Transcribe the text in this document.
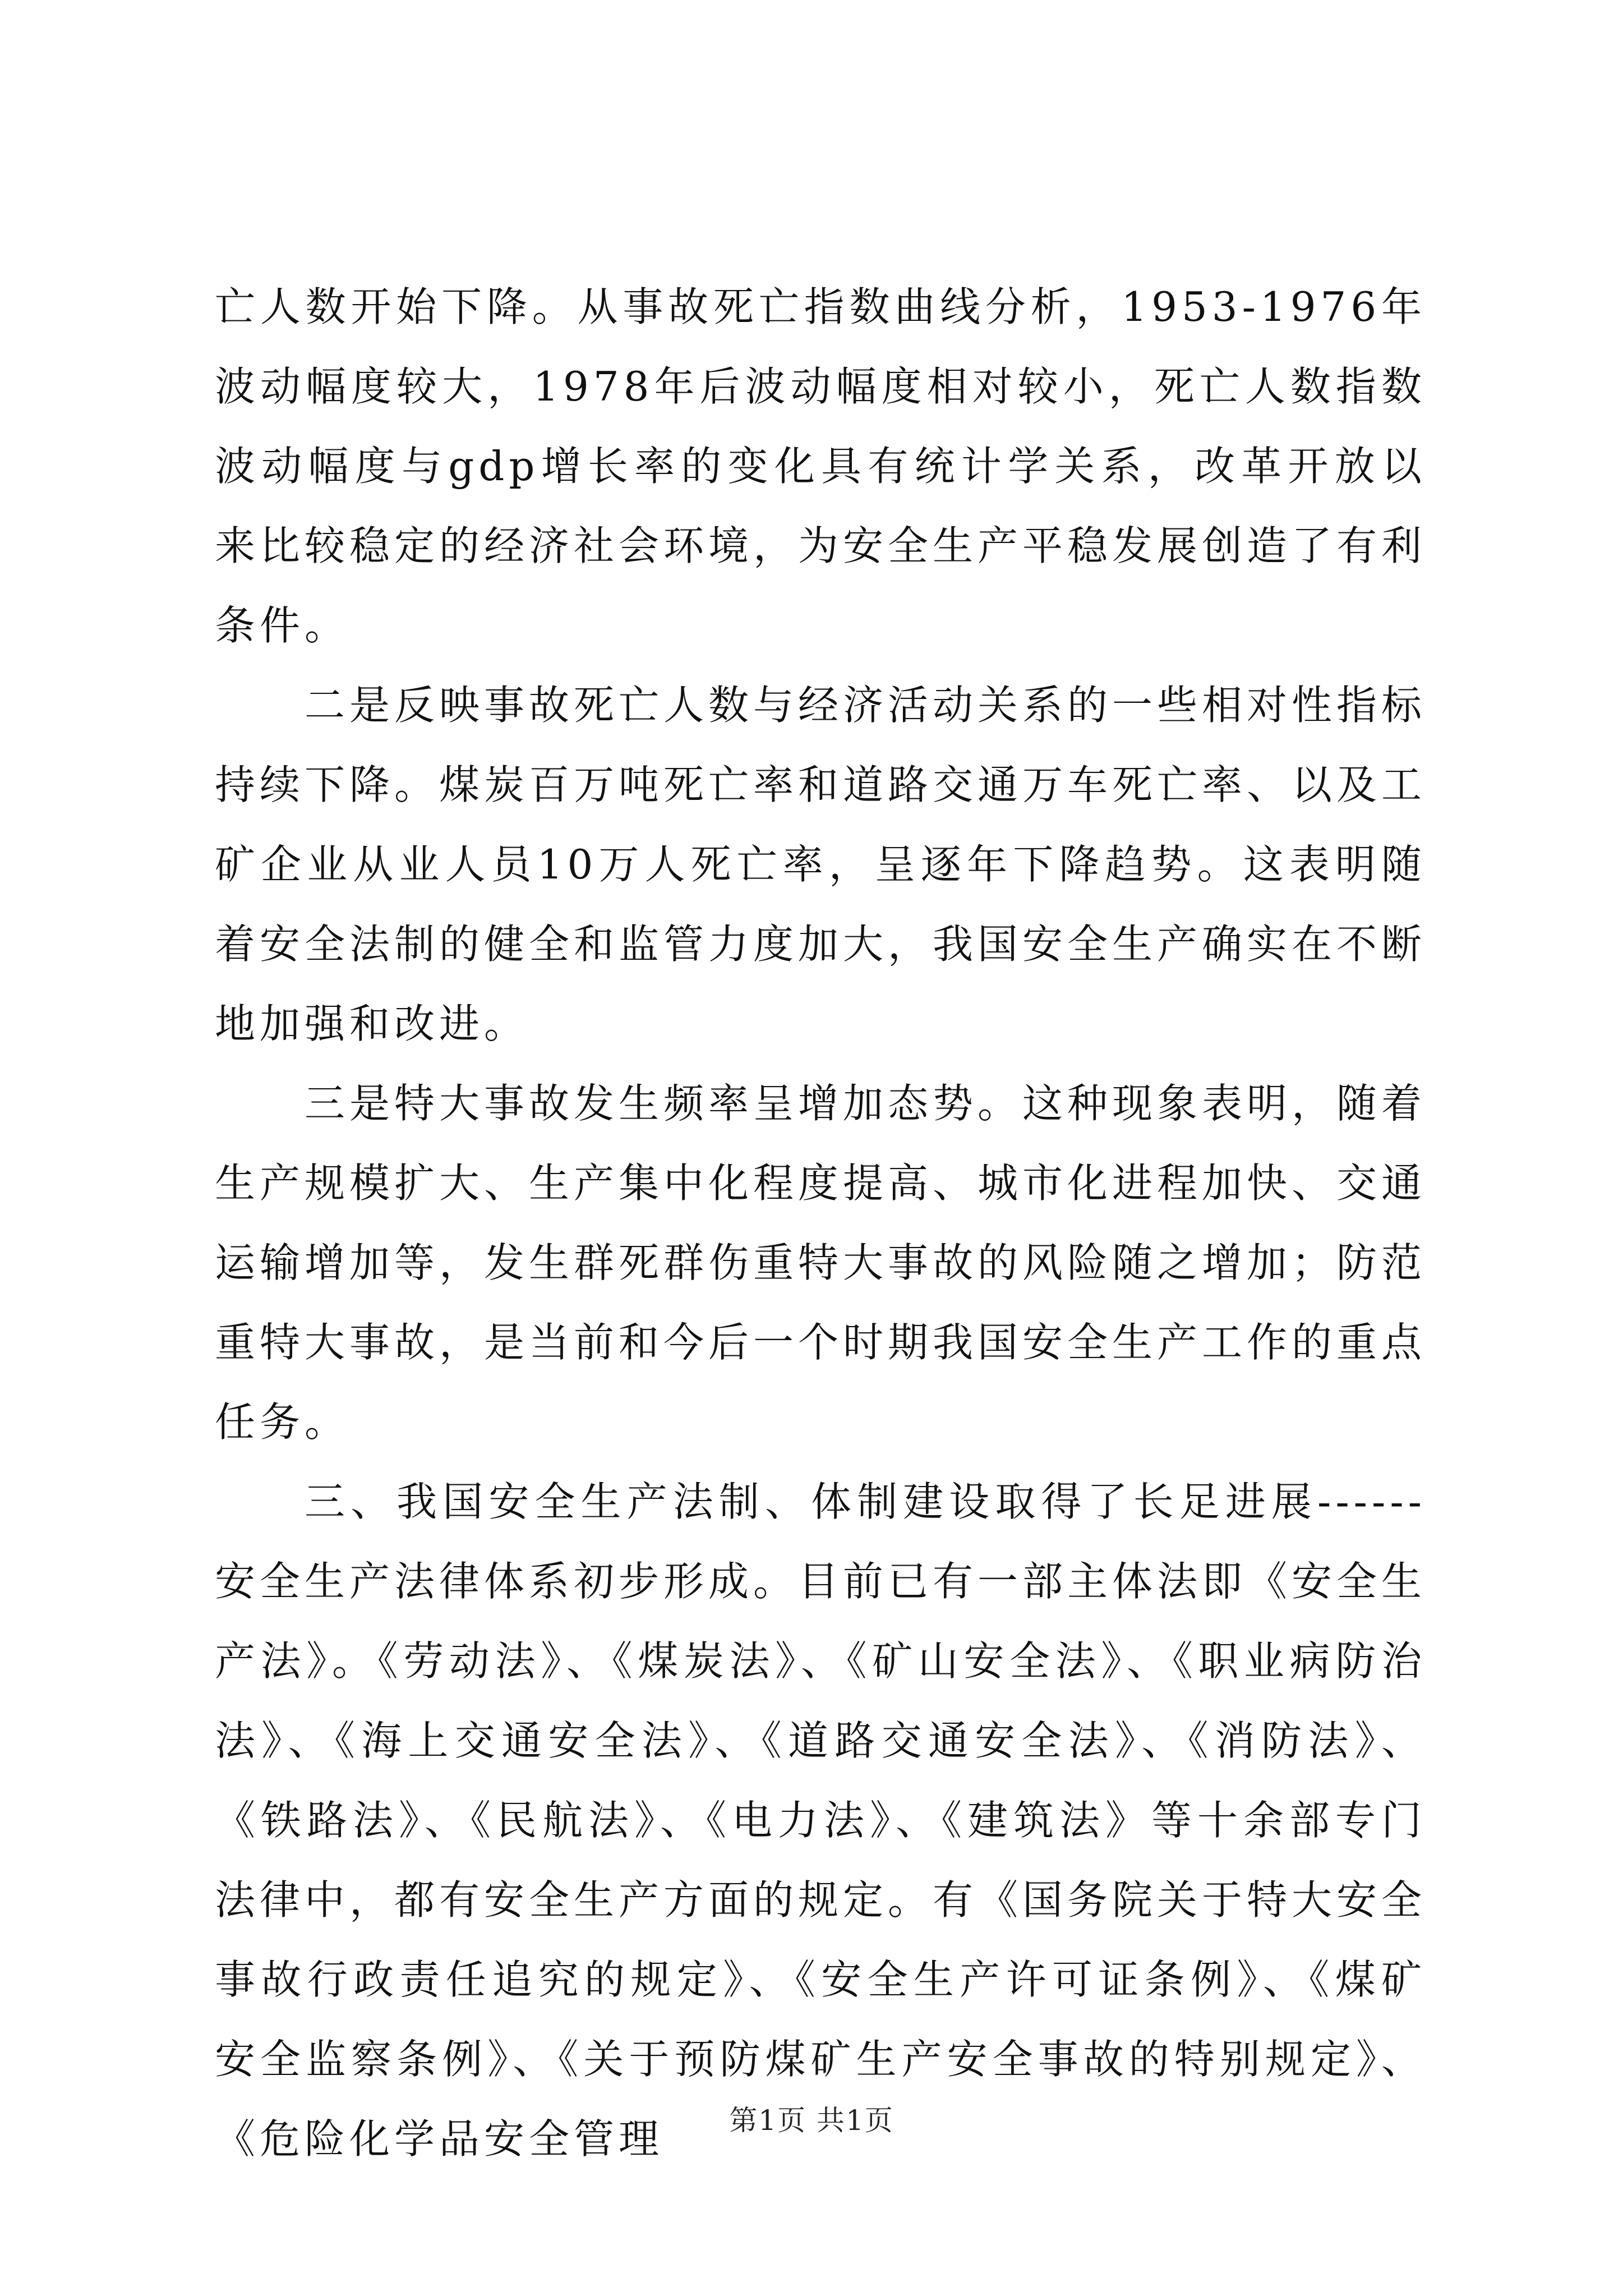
亡人数开始下降。从事故死亡指数曲线分析，1953-1976年波动幅度较大，1978年后波动幅度相对较小，死亡人数指数波动幅度与gdp增长率的变化具有统计学关系，改革开放以来比较稳定的经济社会环境，为安全生产平稳发展创造了有利条件。

二是反映事故死亡人数与经济活动关系的一些相对性指标持续下降。煤炭百万吨死亡率和道路交通万车死亡率、以及工矿企业从业人员10万人死亡率，呈逐年下降趋势。这表明随着安全法制的健全和监管力度加大，我国安全生产确实在不断地加强和改进。

三是特大事故发生频率呈增加态势。这种现象表明，随着生产规模扩大、生产集中化程度提高、城市化进程加快、交通运输增加等，发生群死群伤重特大事故的风险随之增加；防范重特大事故，是当前和今后一个时期我国安全生产工作的重点任务。

三、我国安全生产法制、体制建设取得了长足进展------安全生产法律体系初步形成。目前已有一部主体法即《安全生产法》。《劳动法》、《煤炭法》、《矿山安全法》、《职业病防治法》、《海上交通安全法》、《道路交通安全法》、《消防法》、《铁路法》、《民航法》、《电力法》、《建筑法》等十余部专门法律中，都有安全生产方面的规定。有《国务院关于特大安全事故行政责任追究的规定》、《安全生产许可证条例》、《煤矿安全监察条例》、《关于预防煤矿生产安全事故的特别规定》、《危险化学品安全管理	第1页 共1页
